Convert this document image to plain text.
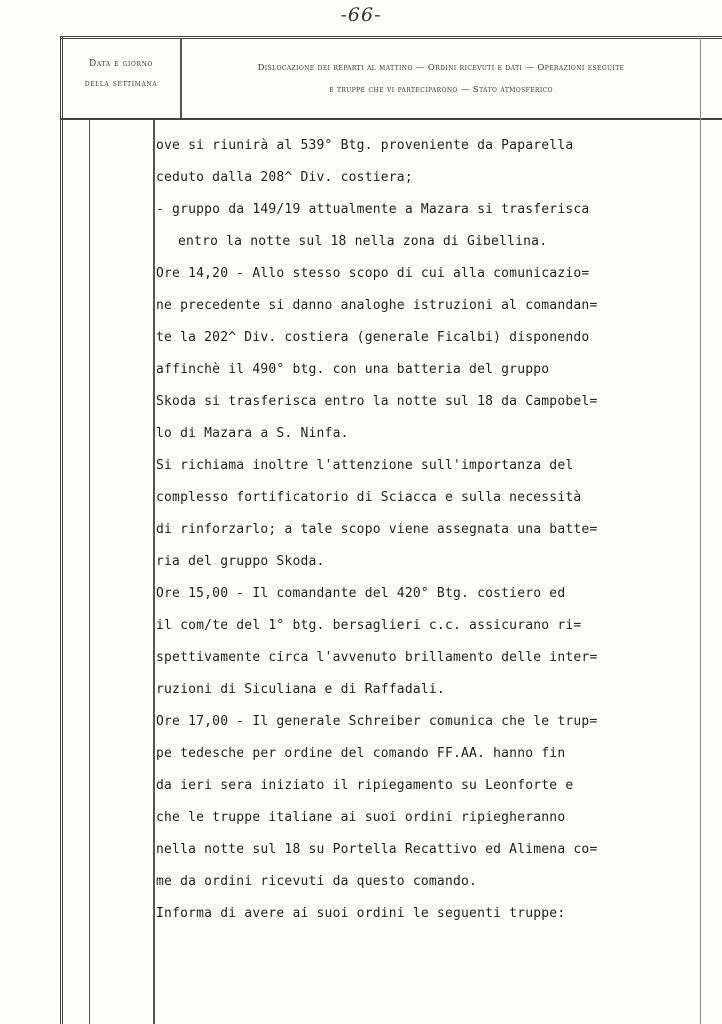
-66-
Data e giorno
della settimana
Dislocazione dei reparti al mattino — Ordini ricevuti e dati — Operazioni eseguite
e truppe che vi parteciparono — Stato atmosferico
ove si riunirà al 539° Btg. proveniente da Paparella
ceduto dalla 208^ Div. costiera;
- gruppo da 149/19 attualmente a Mazara si trasferisca
entro la notte sul 18 nella zona di Gibellina.
Ore 14,20 - Allo stesso scopo di cui alla comunicazio=
ne precedente si danno analoghe istruzioni al comandan=
te la 202^ Div. costiera (generale Ficalbi) disponendo
affinchè il 490° btg. con una batteria del gruppo
Skoda si trasferisca entro la notte sul 18 da Campobel=
lo di Mazara a S. Ninfa.
Si richiama inoltre l'attenzione sull'importanza del
complesso fortificatorio di Sciacca e sulla necessità
di rinforzarlo; a tale scopo viene assegnata una batte=
ria del gruppo Skoda.
Ore 15,00 - Il comandante del 420° Btg. costiero ed
il com/te del 1° btg. bersaglieri c.c. assicurano ri=
spettivamente circa l'avvenuto brillamento delle inter=
ruzioni di Siculiana e di Raffadali.
Ore 17,00 - Il generale Schreiber comunica che le trup=
pe tedesche per ordine del comando FF.AA. hanno fin
da ieri sera iniziato il ripiegamento su Leonforte e
che le truppe italiane ai suoi ordini ripiegheranno
nella notte sul 18 su Portella Recattivo ed Alimena co=
me da ordini ricevuti da questo comando.
Informa di avere ai suoi ordini le seguenti truppe:
